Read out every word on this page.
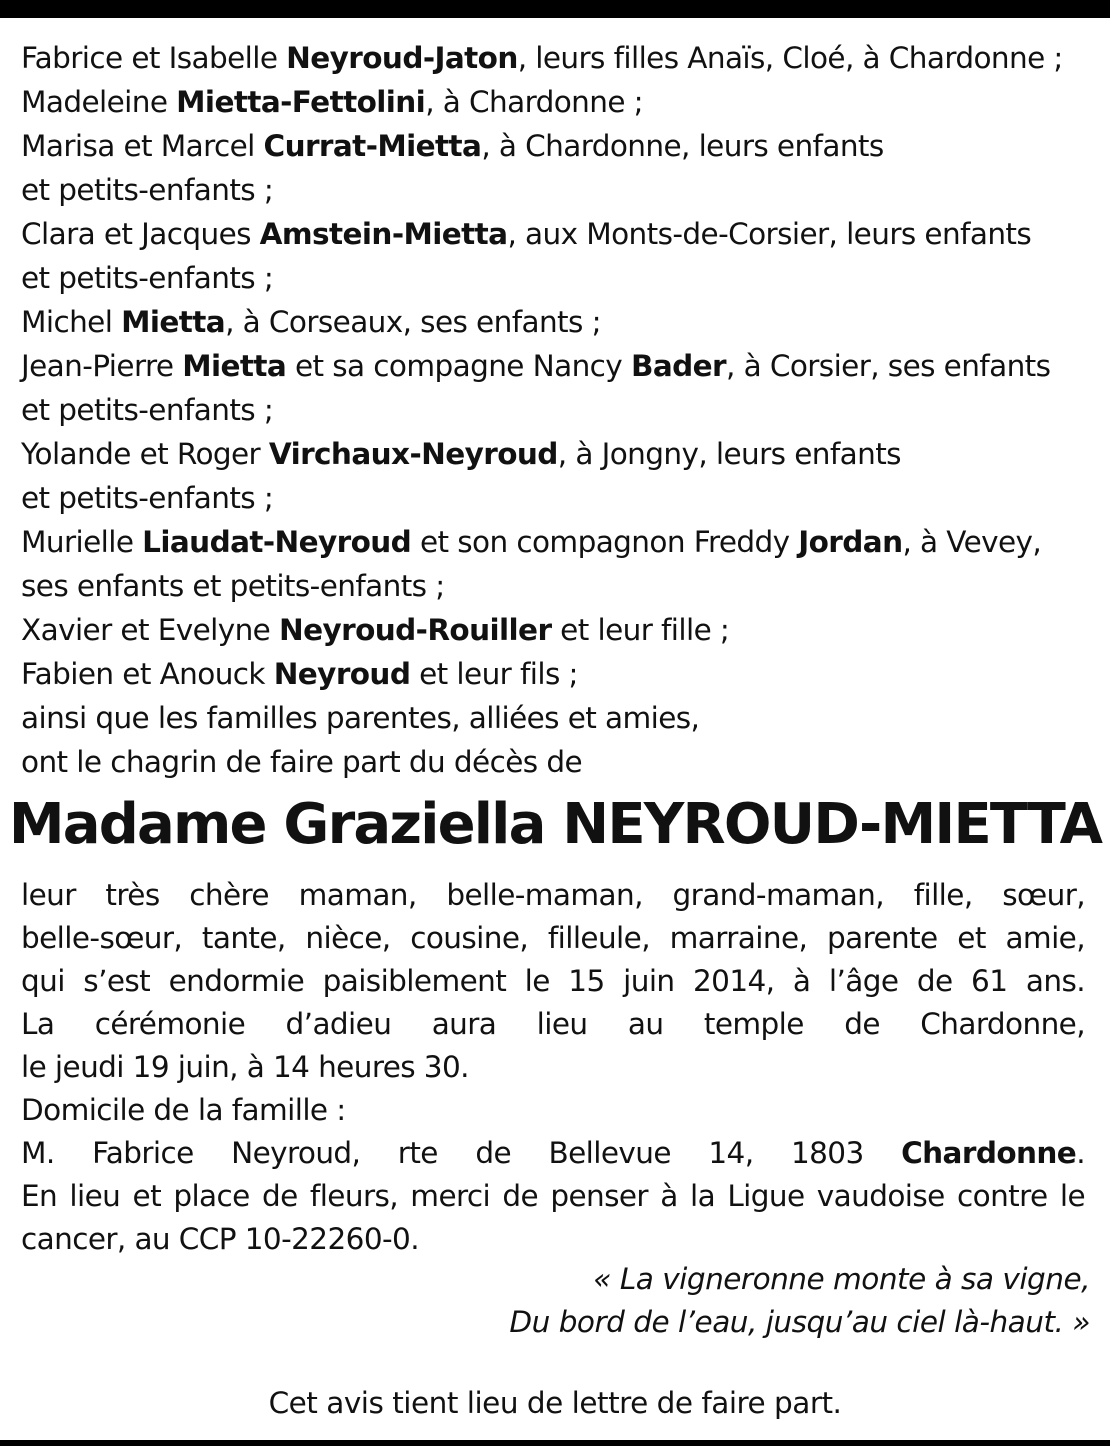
Fabrice et Isabelle Neyroud-Jaton, leurs filles Anaïs, Cloé, à Chardonne ;
Madeleine Mietta-Fettolini, à Chardonne ;
Marisa et Marcel Currat-Mietta, à Chardonne, leurs enfants
et petits-enfants ;
Clara et Jacques Amstein-Mietta, aux Monts-de-Corsier, leurs enfants
et petits-enfants ;
Michel Mietta, à Corseaux, ses enfants ;
Jean-Pierre Mietta et sa compagne Nancy Bader, à Corsier, ses enfants
et petits-enfants ;
Yolande et Roger Virchaux-Neyroud, à Jongny, leurs enfants
et petits-enfants ;
Murielle Liaudat-Neyroud et son compagnon Freddy Jordan, à Vevey,
ses enfants et petits-enfants ;
Xavier et Evelyne Neyroud-Rouiller et leur fille ;
Fabien et Anouck Neyroud et leur fils ;
ainsi que les familles parentes, alliées et amies,
ont le chagrin de faire part du décès de
Madame Graziella NEYROUD-MIETTA
leur très chère maman, belle-maman, grand-maman, fille, sœur,
belle-sœur, tante, nièce, cousine, filleule, marraine, parente et amie,
qui s’est endormie paisiblement le 15 juin 2014, à l’âge de 61 ans.
La cérémonie d’adieu aura lieu au temple de Chardonne,
le jeudi 19 juin, à 14 heures 30.
Domicile de la famille :
M. Fabrice Neyroud, rte de Bellevue 14, 1803 Chardonne.
En lieu et place de fleurs, merci de penser à la Ligue vaudoise contre le
cancer, au CCP 10-22260-0.
« La vigneronne monte à sa vigne,
Du bord de l’eau, jusqu’au ciel là-haut. »
Cet avis tient lieu de lettre de faire part.
